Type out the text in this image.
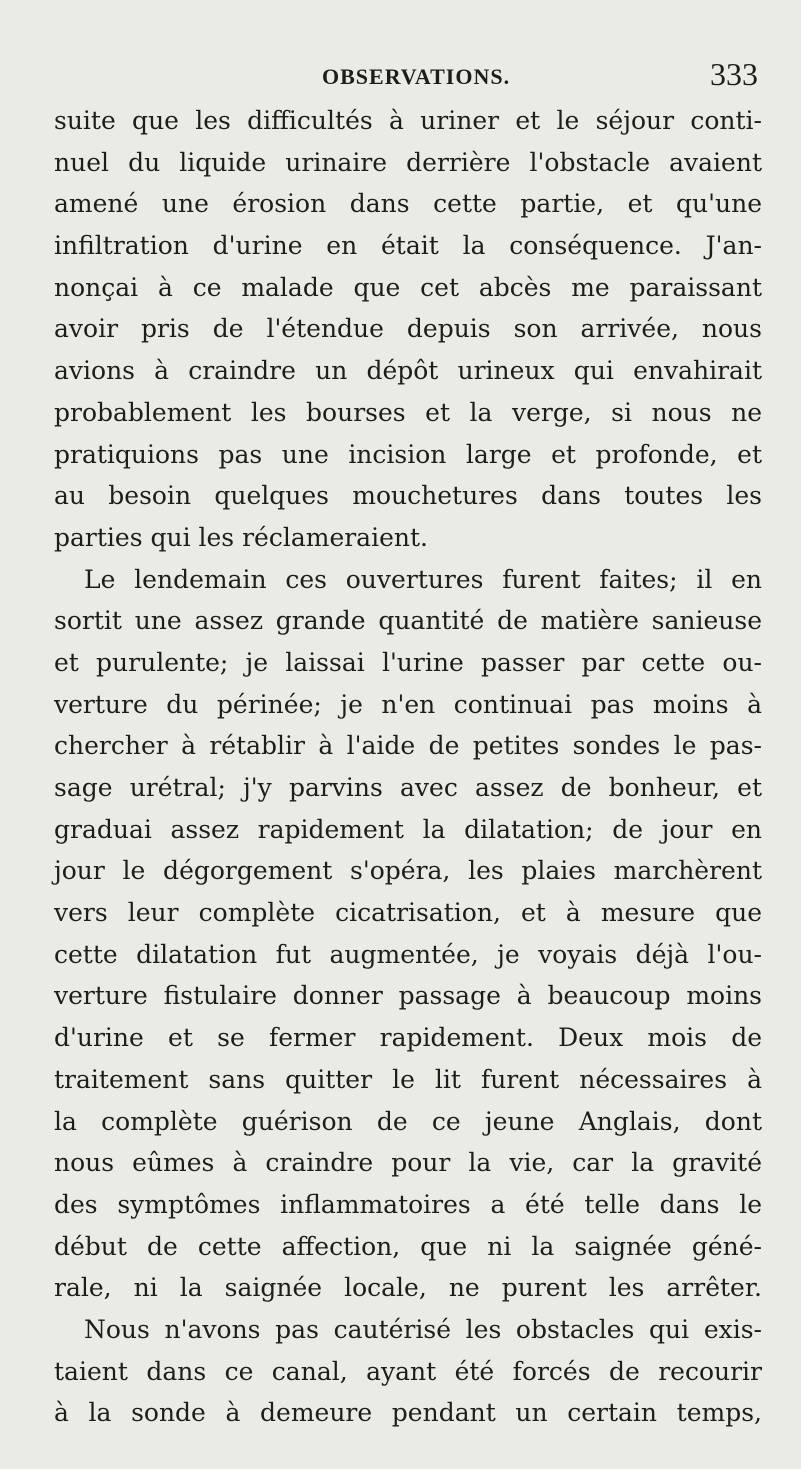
OBSERVATIONS.	333
suite que les difficultés à uriner et le séjour conti-
nuel du liquide urinaire derrière l'obstacle avaient
amené une érosion dans cette partie, et qu'une
infiltration d'urine en était la conséquence. J'an-
nonçai à ce malade que cet abcès me paraissant
avoir pris de l'étendue depuis son arrivée, nous
avions à craindre un dépôt urineux qui envahirait
probablement les bourses et la verge, si nous ne
pratiquions pas une incision large et profonde, et
au besoin quelques mouchetures dans toutes les
parties qui les réclameraient.
Le lendemain ces ouvertures furent faites; il en
sortit une assez grande quantité de matière sanieuse
et purulente; je laissai l'urine passer par cette ou-
verture du périnée; je n'en continuai pas moins à
chercher à rétablir à l'aide de petites sondes le pas-
sage urétral; j'y parvins avec assez de bonheur, et
graduai assez rapidement la dilatation; de jour en
jour le dégorgement s'opéra, les plaies marchèrent
vers leur complète cicatrisation, et à mesure que
cette dilatation fut augmentée, je voyais déjà l'ou-
verture fistulaire donner passage à beaucoup moins
d'urine et se fermer rapidement. Deux mois de
traitement sans quitter le lit furent nécessaires à
la complète guérison de ce jeune Anglais, dont
nous eûmes à craindre pour la vie, car la gravité
des symptômes inflammatoires a été telle dans le
début de cette affection, que ni la saignée géné-
rale, ni la saignée locale, ne purent les arrêter.
Nous n'avons pas cautérisé les obstacles qui exis-
taient dans ce canal, ayant été forcés de recourir
à la sonde à demeure pendant un certain temps,
